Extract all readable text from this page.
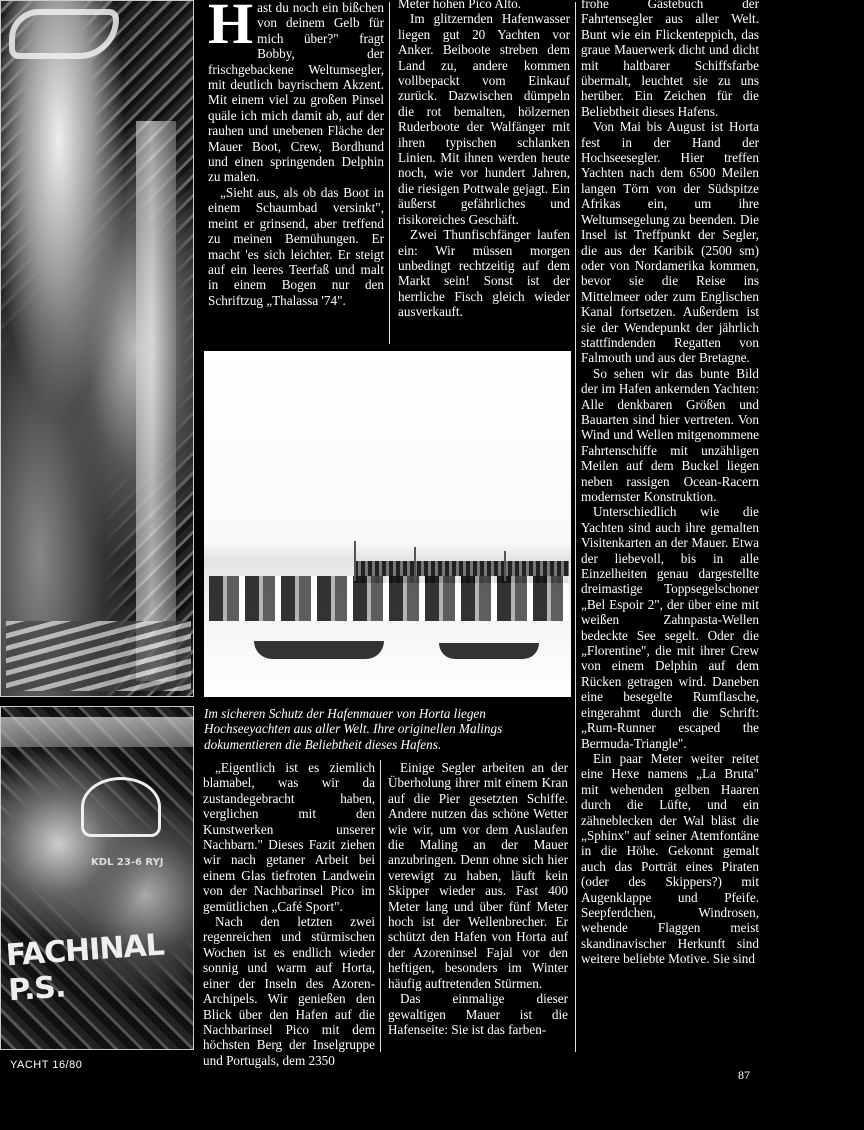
KDL 23-6 RYJ
FACHINAL P.S.

Hast du noch ein bißchen von deinem Gelb für mich über?" fragt Bobby, der frischgebackene Weltumsegler, mit deutlich bayrischem Akzent. Mit einem viel zu großen Pinsel quäle ich mich damit ab, auf der rauhen und unebenen Fläche der Mauer Boot, Crew, Bordhund und einen springenden Delphin zu malen.

„Sieht aus, als ob das Boot in einem Schaumbad versinkt", meint er grinsend, aber treffend zu meinen Bemühungen. Er macht 'es sich leichter. Er steigt auf ein leeres Teerfaß und malt in einem Bogen nur den Schriftzug „Thalassa '74".

Meter hohen Pico Alto.

Im glitzernden Hafenwasser liegen gut 20 Yachten vor Anker. Beiboote streben dem Land zu, andere kommen vollbepackt vom Einkauf zurück. Dazwischen dümpeln die rot bemalten, hölzernen Ruderboote der Walfänger mit ihren typischen schlanken Linien. Mit ihnen werden heute noch, wie vor hundert Jahren, die riesigen Pottwale gejagt. Ein äußerst gefährliches und risikoreiches Geschäft.

Zwei Thunfischfänger laufen ein: Wir müssen morgen unbedingt rechtzeitig auf dem Markt sein! Sonst ist der herrliche Fisch gleich wieder ausverkauft.

frohe Gästebuch der Fahrtensegler aus aller Welt. Bunt wie ein Flickenteppich, das graue Mauerwerk dicht und dicht mit haltbarer Schiffsfarbe übermalt, leuchtet sie zu uns herüber. Ein Zeichen für die Beliebtheit dieses Hafens.

Von Mai bis August ist Horta fest in der Hand der Hochseesegler. Hier treffen Yachten nach dem 6500 Meilen langen Törn von der Südspitze Afrikas ein, um ihre Weltumsegelung zu beenden. Die Insel ist Treffpunkt der Segler, die aus der Karibik (2500 sm) oder von Nordamerika kommen, bevor sie die Reise ins Mittelmeer oder zum Englischen Kanal fortsetzen. Außerdem ist sie der Wendepunkt der jährlich stattfindenden Regatten von Falmouth und aus der Bretagne.

So sehen wir das bunte Bild der im Hafen ankernden Yachten: Alle denkbaren Größen und Bauarten sind hier vertreten. Von Wind und Wellen mitgenommene Fahrtenschiffe mit unzähligen Meilen auf dem Buckel liegen neben rassigen Ocean-Racern modernster Konstruktion.

Unterschiedlich wie die Yachten sind auch ihre gemalten Visitenkarten an der Mauer. Etwa der liebevoll, bis in alle Einzelheiten genau dargestellte dreimastige Toppsegelschoner „Bel Espoir 2", der über eine mit weißen Zahnpasta-Wellen bedeckte See segelt. Oder die „Florentine", die mit ihrer Crew von einem Delphin auf dem Rücken getragen wird. Daneben eine besegelte Rumflasche, eingerahmt durch die Schrift: „Rum-Runner escaped the Bermuda-Triangle".

Ein paar Meter weiter reitet eine Hexe namens „La Bruta" mit wehenden gelben Haaren durch die Lüfte, und ein zähneblecken der Wal bläst die „Sphinx" auf seiner Atemfontäne in die Höhe. Gekonnt gemalt auch das Porträt eines Piraten (oder des Skippers?) mit Augenklappe und Pfeife. Seepferdchen, Windrosen, wehende Flaggen meist skandinavischer Herkunft sind weitere beliebte Motive. Sie sind

Im sicheren Schutz der Hafenmauer von Horta liegen Hochseeyachten aus aller Welt. Ihre originellen Malings dokumentieren die Beliebtheit dieses Hafens.

„Eigentlich ist es ziemlich blamabel, was wir da zustandegebracht haben, verglichen mit den Kunstwerken unserer Nachbarn." Dieses Fazit ziehen wir nach getaner Arbeit bei einem Glas tiefroten Landwein von der Nachbarinsel Pico im gemütlichen „Café Sport".

Nach den letzten zwei regenreichen und stürmischen Wochen ist es endlich wieder sonnig und warm auf Horta, einer der Inseln des Azoren-Archipels. Wir genießen den Blick über den Hafen auf die Nachbarinsel Pico mit dem höchsten Berg der Inselgruppe und Portugals, dem 2350

Einige Segler arbeiten an der Überholung ihrer mit einem Kran auf die Pier gesetzten Schiffe. Andere nutzen das schöne Wetter wie wir, um vor dem Auslaufen die Maling an der Mauer anzubringen. Denn ohne sich hier verewigt zu haben, läuft kein Skipper wieder aus. Fast 400 Meter lang und über fünf Meter hoch ist der Wellenbrecher. Er schützt den Hafen von Horta auf der Azoreninsel Fajal vor den heftigen, besonders im Winter häufig auftretenden Stürmen.

Das einmalige dieser gewaltigen Mauer ist die Hafenseite: Sie ist das farben-

YACHT 16/80
87
